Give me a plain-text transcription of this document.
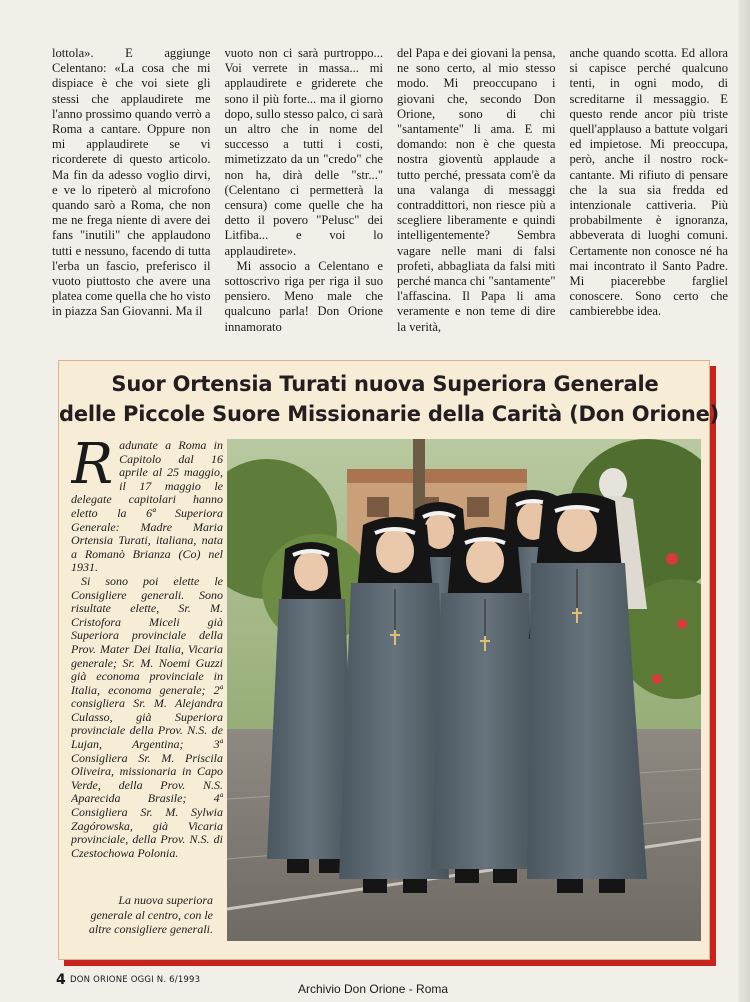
lottola». E aggiunge Celentano: «La cosa che mi dispiace è che voi siete gli stessi che applaudirete me l'anno prossimo quando verrò a Roma a cantare. Oppure non mi applaudirete se vi ricorderete di questo articolo. Ma fin da adesso voglio dirvi, e ve lo ripeterò al microfono quando sarò a Roma, che non me ne frega niente di avere dei fans "inutili" che applaudono tutti e nessuno, facendo di tutta l'erba un fascio, preferisco il vuoto piuttosto che avere una platea come quella che ho visto in piazza San Giovanni. Ma il

vuoto non ci sarà purtroppo... Voi verrete in massa... mi applaudirete e griderete che sono il più forte... ma il giorno dopo, sullo stesso palco, ci sarà un altro che in nome del successo a tutti i costi, mimetizzato da un "credo" che non ha, dirà delle "str..." (Celentano ci permetterà la censura) come quelle che ha detto il povero "Pelusc" dei Litfiba... e voi lo applaudirete».

Mi associo a Celentano e sottoscrivo riga per riga il suo pensiero. Meno male che qualcuno parla! Don Orione innamorato

del Papa e dei giovani la pensa, ne sono certo, al mio stesso modo. Mi preoccupano i giovani che, secondo Don Orione, sono di chi "santamente" li ama. E mi domando: non è che questa nostra gioventù applaude a tutto perché, pressata com'è da una valanga di messaggi contraddittori, non riesce più a scegliere liberamente e quindi intelligentemente? Sembra vagare nelle mani di falsi profeti, abbagliata da falsi miti perché manca chi "santamente" l'affascina. Il Papa li ama veramente e non teme di dire la verità,

anche quando scotta. Ed allora si capisce perché qualcuno tenti, in ogni modo, di screditarne il messaggio. E questo rende ancor più triste quell'applauso a battute volgari ed impietose. Mi preoccupa, però, anche il nostro rock-cantante. Mi rifiuto di pensare che la sua sia fredda ed intenzionale cattiveria. Più probabilmente è ignoranza, abbeverata di luoghi comuni. Certamente non conosce né ha mai incontrato il Santo Padre. Mi piacerebbe fargliel conoscere. Sono certo che cambierebbe idea.

Suor Ortensia Turati nuova Superiora Generale
delle Piccole Suore Missionarie della Carità (Don Orione)

R adunate a Roma in Capitolo dal 16 aprile al 25 maggio, il 17 maggio le delegate capitolari hanno eletto la 6ª Superiora Generale: Madre Maria Ortensia Turati, italiana, nata a Romanò Brianza (Co) nel 1931.

Si sono poi elette le Consigliere generali. Sono risultate elette, Sr. M. Cristofora Miceli già Superiora provinciale della Prov. Mater Dei Italia, Vicaria generale; Sr. M. Noemi Guzzi già economa provinciale in Italia, economa generale; 2ª consigliera Sr. M. Alejandra Culasso, già Superiora provinciale della Prov. N.S. de Lujan, Argentina; 3ª Consigliera Sr. M. Priscila Oliveira, missionaria in Capo Verde, della Prov. N.S. Aparecida Brasile; 4ª Consigliera Sr. M. Sylwia Zagórowska, già Vicaria provinciale, della Prov. N.S. di Czestochowa Polonia.

La nuova superiora generale al centro, con le altre consigliere generali.
4 DON ORIONE OGGI N. 6/1993
Archivio Don Orione - Roma
